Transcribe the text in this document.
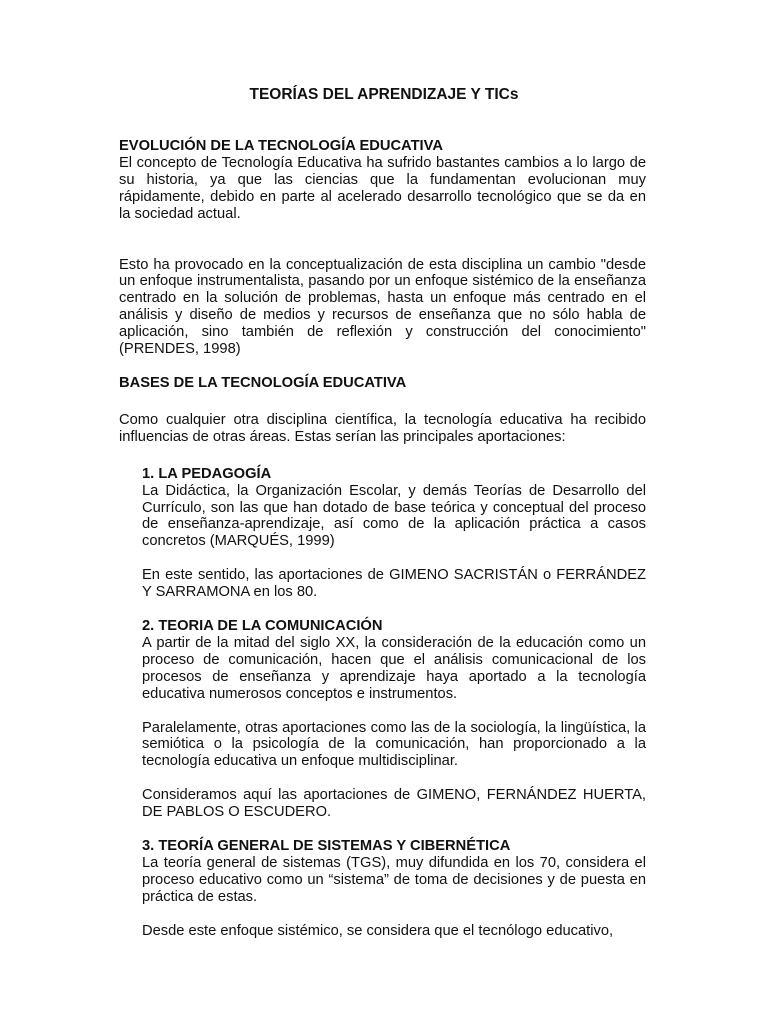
TEORÍAS DEL APRENDIZAJE Y TICs

EVOLUCIÓN DE LA TECNOLOGÍA EDUCATIVA

El concepto de Tecnología Educativa ha sufrido bastantes cambios a lo largo de su historia, ya que las ciencias que la fundamentan evolucionan muy rápidamente, debido en parte al acelerado desarrollo tecnológico que se da en la sociedad actual.

Esto ha provocado en la conceptualización de esta disciplina un cambio "desde un enfoque instrumentalista, pasando por un enfoque sistémico de la enseñanza centrado en la solución de problemas, hasta un enfoque más centrado en el análisis y diseño de medios y recursos de enseñanza que no sólo habla de aplicación, sino también de reflexión y construcción del conocimiento" (PRENDES, 1998)

BASES DE LA TECNOLOGÍA EDUCATIVA

Como cualquier otra disciplina científica, la tecnología educativa ha recibido influencias de otras áreas. Estas serían las principales aportaciones:

1. LA PEDAGOGÍA

La Didáctica, la Organización Escolar, y demás Teorías de Desarrollo del Currículo, son las que han dotado de base teórica y conceptual del proceso de enseñanza-aprendizaje, así como de la aplicación práctica a casos concretos (MARQUÉS, 1999)

En este sentido, las aportaciones de GIMENO SACRISTÁN o FERRÁNDEZ Y SARRAMONA en los 80.

2. TEORIA DE LA COMUNICACIÓN

A partir de la mitad del siglo XX, la consideración de la educación como un proceso de comunicación, hacen que el análisis comunicacional de los procesos de enseñanza y aprendizaje haya aportado a la tecnología educativa numerosos conceptos e instrumentos.

Paralelamente, otras aportaciones como las de la sociología, la lingüística, la semiótica o la psicología de la comunicación, han proporcionado a la tecnología educativa un enfoque multidisciplinar.

Consideramos aquí las aportaciones de GIMENO, FERNÁNDEZ HUERTA, DE PABLOS O ESCUDERO.

3. TEORÍA GENERAL DE SISTEMAS Y CIBERNÉTICA

La teoría general de sistemas (TGS), muy difundida en los 70, considera el proceso educativo como un “sistema” de toma de decisiones y de puesta en práctica de estas.

Desde este enfoque sistémico, se considera que el tecnólogo educativo,
